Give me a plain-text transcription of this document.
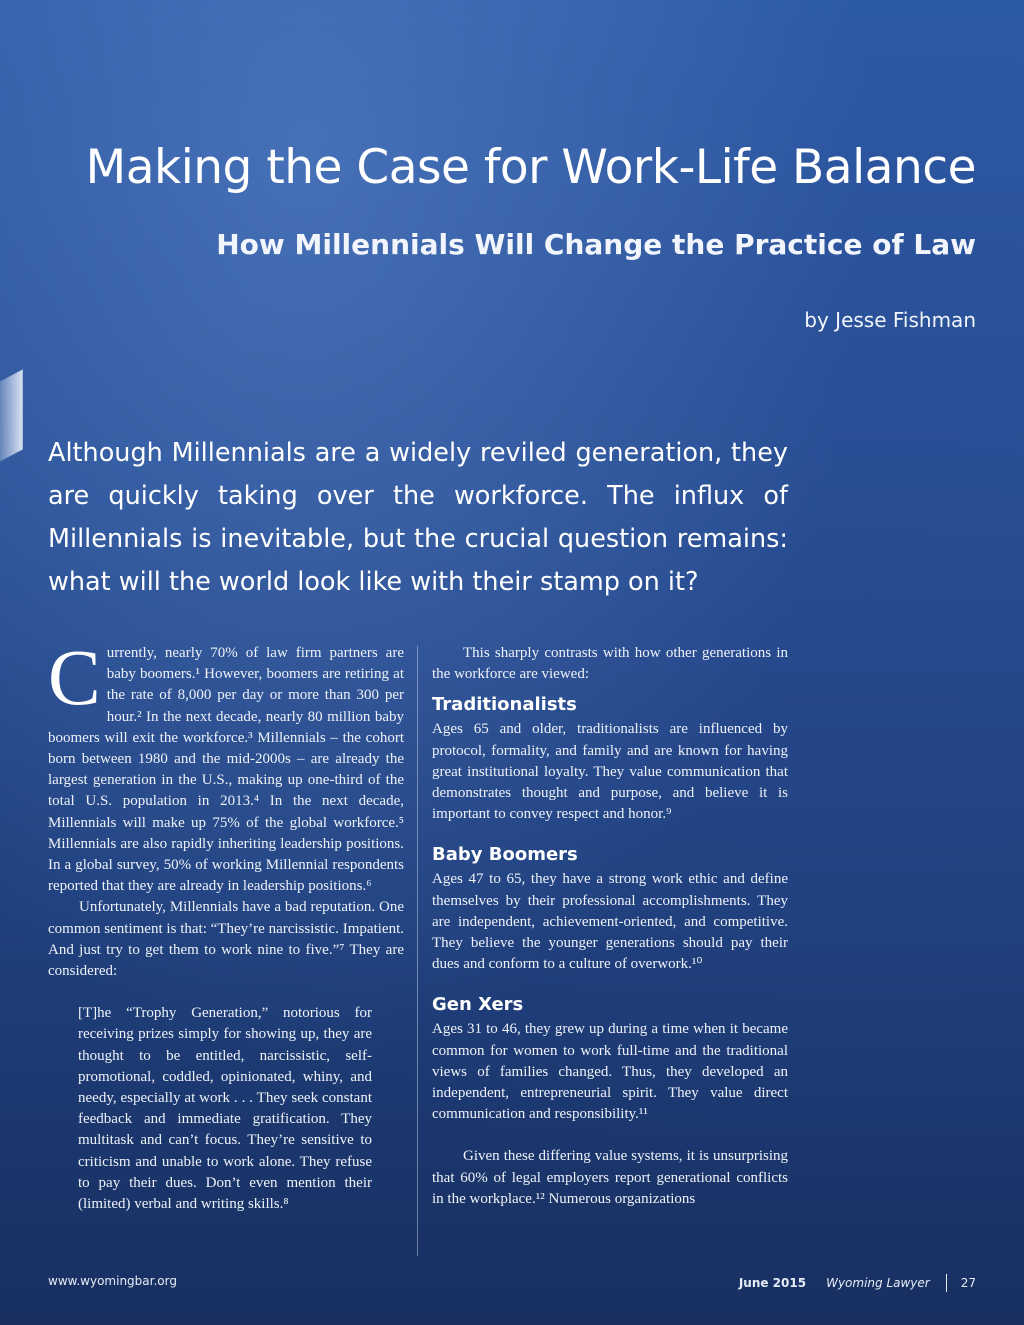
Making the Case for Work-Life Balance
How Millennials Will Change the Practice of Law

by Jesse Fishman

Although Millennials are a widely reviled generation, they are quickly taking over the workforce. The influx of Millennials is inevitable, but the crucial question remains: what will the world look like with their stamp on it?

Currently, nearly 70% of law firm partners are baby boomers.¹ However, boomers are retiring at the rate of 8,000 per day or more than 300 per hour.² In the next decade, nearly 80 million baby boomers will exit the workforce.³ Millennials – the cohort born between 1980 and the mid-2000s – are already the largest generation in the U.S., making up one-third of the total U.S. population in 2013.⁴ In the next decade, Millennials will make up 75% of the global workforce.⁵ Millennials are also rapidly inheriting leadership positions. In a global survey, 50% of working Millennial respondents reported that they are already in leadership positions.⁶

Unfortunately, Millennials have a bad reputation. One common sentiment is that: “They’re narcissistic. Impatient. And just try to get them to work nine to five.”⁷ They are considered:

[T]he “Trophy Generation,” notorious for receiving prizes simply for showing up, they are thought to be entitled, narcissistic, self-promotional, coddled, opinionated, whiny, and needy, especially at work . . . They seek constant feedback and immediate gratification. They multitask and can’t focus. They’re sensitive to criticism and unable to work alone. They refuse to pay their dues. Don’t even mention their (limited) verbal and writing skills.⁸

This sharply contrasts with how other generations in the workforce are viewed:

Traditionalists

Ages 65 and older, traditionalists are influenced by protocol, formality, and family and are known for having great institutional loyalty. They value communication that demonstrates thought and purpose, and believe it is important to convey respect and honor.⁹

Baby Boomers

Ages 47 to 65, they have a strong work ethic and define themselves by their professional accomplishments. They are independent, achievement-oriented, and competitive. They believe the younger generations should pay their dues and conform to a culture of overwork.¹⁰

Gen Xers

Ages 31 to 46, they grew up during a time when it became common for women to work full-time and the traditional views of families changed. Thus, they developed an independent, entrepreneurial spirit. They value direct communication and responsibility.¹¹

Given these differing value systems, it is unsurprising that 60% of legal employers report generational conflicts in the workplace.¹² Numerous organizations

www.wyomingbar.org	June 2015 Wyoming Lawyer	27
